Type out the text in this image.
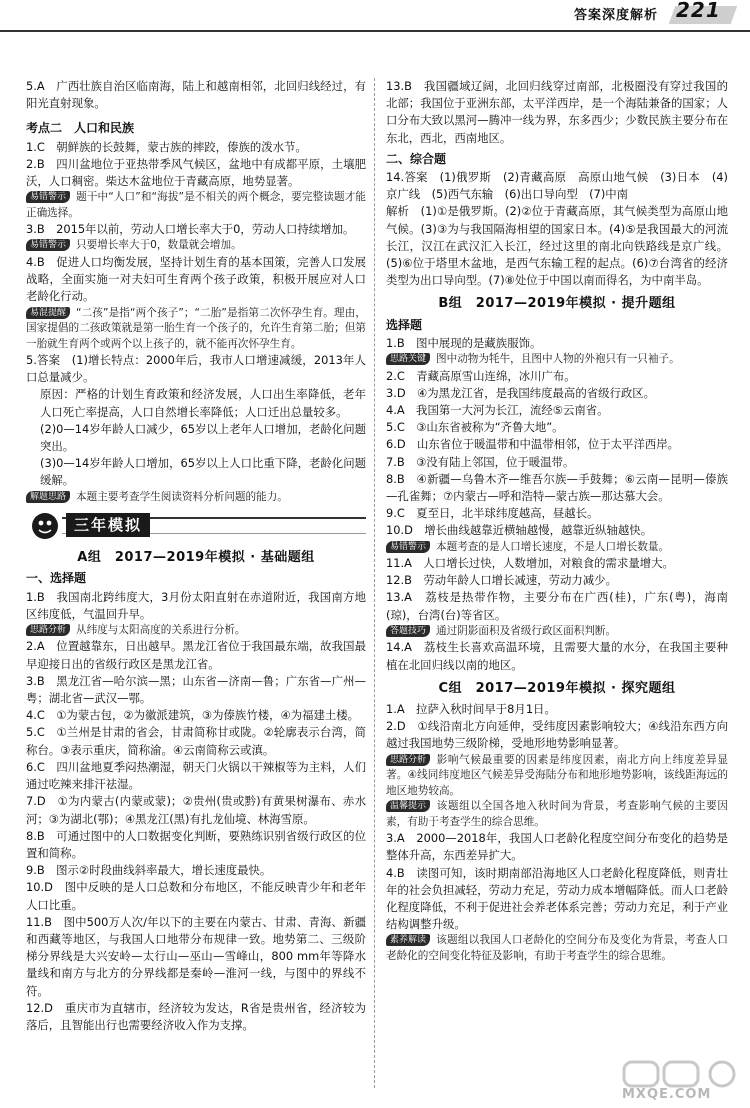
答案深度解析 221

5.A　广西壮族自治区临南海，陆上和越南相邻，北回归线经过，有阳光直射现象。

考点二　人口和民族

1.C　朝鲜族的长鼓舞，蒙古族的摔跤，傣族的泼水节。

2.B　四川盆地位于亚热带季风气候区，盆地中有成都平原，土壤肥沃，人口稠密。柴达木盆地位于青藏高原，地势显著。

易错警示 题干中“人口”和“海拔”是不相关的两个概念，要完整读题才能正确选择。

3.B　2015年以前，劳动人口增长率大于0，劳动人口持续增加。

易错警示 只要增长率大于0，数量就会增加。

4.B　促进人口均衡发展，坚持计划生育的基本国策，完善人口发展战略，全面实施一对夫妇可生育两个孩子政策，积极开展应对人口老龄化行动。

易混提醒 “二孩”是指“两个孩子”；“二胎”是指第二次怀孕生育。理由，国家提倡的二孩政策就是第一胎生育一个孩子的，允许生育第二胎；但第一胎就生育两个或两个以上孩子的，就不能再次怀孕生育。

5.答案　(1)增长特点：2000年后，我市人口增速减缓，2013年人口总量减少。

原因：严格的计划生育政策和经济发展，人口出生率降低，老年人口死亡率提高，人口自然增长率降低；人口迁出总量较多。

(2)0—14岁年龄人口减少，65岁以上老年人口增加，老龄化问题突出。

(3)0—14岁年龄人口增加，65岁以上人口比重下降，老龄化问题缓解。

解题思路 本题主要考查学生阅读资料分析问题的能力。

三年模拟
A组　2017—2019年模拟 · 基础题组
一、选择题

1.B　我国南北跨纬度大，3月份太阳直射在赤道附近，我国南方地区纬度低，气温回升早。

思路分析 从纬度与太阳高度的关系进行分析。

2.A　位置越靠东，日出越早。黑龙江省位于我国最东端，故我国最早迎接日出的省级行政区是黑龙江省。

3.B　黑龙江省—哈尔滨—黑；山东省—济南—鲁；广东省—广州—粤；湖北省—武汉—鄂。

4.C　①为蒙古包，②为徽派建筑，③为傣族竹楼，④为福建土楼。

5.C　①兰州是甘肃的省会，甘肃简称甘或陇。②轮廓表示台湾，简称台。③表示重庆，简称渝。④云南简称云或滇。

6.C　四川盆地夏季闷热潮湿，朝天门火锅以干辣椒等为主料，人们通过吃辣来排汗祛湿。

7.D　①为内蒙古(内蒙或蒙)；②贵州(贵或黔)有黄果树瀑布、赤水河；③为湖北(鄂)；④黑龙江(黑)有扎龙仙境、林海雪原。

8.B　可通过图中的人口数据变化判断，要熟练识别省级行政区的位置和简称。

9.B　图示②时段曲线斜率最大，增长速度最快。

10.D　图中反映的是人口总数和分布地区，不能反映青少年和老年人口比重。

11.B　图中500万人次/年以下的主要在内蒙古、甘肃、青海、新疆和西藏等地区，与我国人口地带分布规律一致。地势第二、三级阶梯分界线是大兴安岭—太行山—巫山—雪峰山，800 mm年等降水量线和南方与北方的分界线都是秦岭—淮河一线，与图中的界线不符。

12.D　重庆市为直辖市，经济较为发达，R省是贵州省，经济较为落后，且智能出行也需要经济收入作为支撑。

13.B　我国疆域辽阔，北回归线穿过南部，北极圈没有穿过我国的北部；我国位于亚洲东部，太平洋西岸，是一个海陆兼备的国家；人口分布大致以黑河—腾冲一线为界，东多西少；少数民族主要分布在东北，西北，西南地区。

二、综合题

14.答案　(1)俄罗斯　(2)青藏高原　高原山地气候　(3)日本　(4)京广线　(5)西气东输　(6)出口导向型　(7)中南

解析　(1)①是俄罗斯。(2)②位于青藏高原，其气候类型为高原山地气候。(3)③为与我国隔海相望的国家日本。(4)⑤是我国最大的河流长江，汉江在武汉汇入长江，经过这里的南北向铁路线是京广线。(5)⑥位于塔里木盆地，是西气东输工程的起点。(6)⑦台湾省的经济类型为出口导向型。(7)⑧处位于中国以南而得名，为中南半岛。

B组　2017—2019年模拟 · 提升题组
选择题

1.B　图中展现的是藏族服饰。

思路关键 图中动物为牦牛，且图中人物的外袍只有一只袖子。

2.C　青藏高原雪山连绵，冰川广布。

3.D　④为黑龙江省，是我国纬度最高的省级行政区。

4.A　我国第一大河为长江，流经⑤云南省。

5.C　③山东省被称为“齐鲁大地”。

6.D　山东省位于暖温带和中温带相邻，位于太平洋西岸。

7.B　③没有陆上邻国，位于暖温带。

8.B　④新疆—乌鲁木齐—维吾尔族—手鼓舞；⑥云南—昆明—傣族—孔雀舞；⑦内蒙古—呼和浩特—蒙古族—那达慕大会。

9.C　夏至日，北半球纬度越高，昼越长。

10.D　增长曲线越靠近横轴越慢，越靠近纵轴越快。

易错警示 本题考查的是人口增长速度，不是人口增长数量。

11.A　人口增长过快，人数增加，对粮食的需求量增大。

12.B　劳动年龄人口增长减速，劳动力减少。

13.A　荔枝是热带作物，主要分布在广西(桂)，广东(粤)，海南(琼)，台湾(台)等省区。

答题技巧 通过阴影面积及省级行政区面积判断。

14.A　荔枝生长喜欢高温环境，且需要大量的水分，在我国主要种植在北回归线以南的地区。

C组　2017—2019年模拟 · 探究题组

1.A　拉萨入秋时间早于8月1日。

2.D　①线沿南北方向延伸，受纬度因素影响较大；④线沿东西方向越过我国地势三级阶梯，受地形地势影响显著。

思路分析 影响气候最重要的因素是纬度因素，南北方向上纬度差异显著。④线同纬度地区气候差异受海陆分布和地形地势影响，该线距海远的地区地势较高。

温馨提示 该题组以全国各地入秋时间为背景，考查影响气候的主要因素，有助于考查学生的综合思维。

3.A　2000—2018年，我国人口老龄化程度空间分布变化的趋势是整体升高，东西差异扩大。

4.B　读图可知，该时期南部沿海地区人口老龄化程度降低，则青壮年的社会负担减轻，劳动力充足，劳动力成本增幅降低。而人口老龄化程度降低，不利于促进社会养老体系完善；劳动力充足，利于产业结构调整升级。

素养解读 该题组以我国人口老龄化的空间分布及变化为背景，考查人口老龄化的空间变化特征及影响，有助于考查学生的综合思维。

MXQE.COM
